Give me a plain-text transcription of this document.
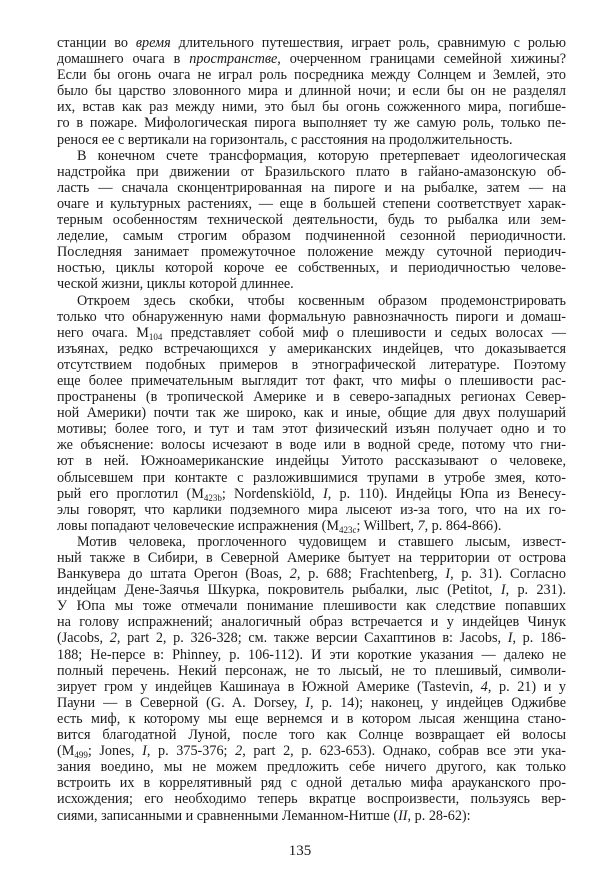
станции во время длительного путешествия, играет роль, сравнимую с ролью
домашнего очага в пространстве, очерченном границами семейной хижины?
Если бы огонь очага не играл роль посредника между Солнцем и Землей, это
было бы царство зловонного мира и длинной ночи; и если бы он не разделял
их, встав как раз между ними, это был бы огонь сожженного мира, погибше-
го в пожаре. Мифологическая пирога выполняет ту же самую роль, только пе-
ренося ее с вертикали на горизонталь, с расстояния на продолжительность.
В конечном счете трансформация, которую претерпевает идеологическая
надстройка при движении от Бразильского плато в гайано-амазонскую об-
ласть — сначала сконцентрированная на пироге и на рыбалке, затем — на
очаге и культурных растениях, — еще в большей степени соответствует харак-
терным особенностям технической деятельности, будь то рыбалка или зем-
леделие, самым строгим образом подчиненной сезонной периодичности.
Последняя занимает промежуточное положение между суточной периодич-
ностью, циклы которой короче ее собственных, и периодичностью челове-
ческой жизни, циклы которой длиннее.
Откроем здесь скобки, чтобы косвенным образом продемонстрировать
только что обнаруженную нами формальную равнозначность пироги и домаш-
него очага. $M_{104}$ представляет собой миф о плешивости и седых волосах —
изъянах, редко встречающихся у американских индейцев, что доказывается
отсутствием подобных примеров в этнографической литературе. Поэтому
еще более примечательным выглядит тот факт, что мифы о плешивости рас-
пространены (в тропической Америке и в северо-западных регионах Север-
ной Америки) почти так же широко, как и иные, общие для двух полушарий
мотивы; более того, и тут и там этот физический изъян получает одно и то
же объяснение: волосы исчезают в воде или в водной среде, потому что гни-
ют в ней. Южноамериканские индейцы Уитото рассказывают о человеке,
облысевшем при контакте с разложившимися трупами в утробе змея, кото-
рый его проглотил ($M_{423b}$; Nordenskiöld, I, p. 110). Индейцы Юпа из Венесу-
элы говорят, что карлики подземного мира лысеют из-за того, что на их го-
ловы попадают человеческие испражнения ($M_{423c}$; Willbert, 7, p. 864-866).
Мотив человека, проглоченного чудовищем и ставшего лысым, извест-
ный также в Сибири, в Северной Америке бытует на территории от острова
Ванкувера до штата Орегон (Boas, 2, p. 688; Frachtenberg, I, p. 31). Согласно
индейцам Дене-Заячья Шкурка, покровитель рыбалки, лыс (Petitot, I, p. 231).
У Юпа мы тоже отмечали понимание плешивости как следствие попавших
на голову испражнений; аналогичный образ встречается и у индейцев Чинук
(Jacobs, 2, part 2, p. 326-328; см. также версии Сахаптинов в: Jacobs, I, p. 186-
188; Не-персе в: Phinney, p. 106-112). И эти короткие указания — далеко не
полный перечень. Некий персонаж, не то лысый, не то плешивый, символи-
зирует гром у индейцев Кашинауа в Южной Америке (Tastevin, 4, p. 21) и у
Пауни — в Северной (G. A. Dorsey, I, p. 14); наконец, у индейцев Оджибве
есть миф, к которому мы еще вернемся и в котором лысая женщина стано-
вится благодатной Луной, после того как Солнце возвращает ей волосы
($M_{499}$; Jones, I, p. 375-376; 2, part 2, p. 623-653). Однако, собрав все эти ука-
зания воедино, мы не можем предложить себе ничего другого, как только
встроить их в коррелятивный ряд с одной деталью мифа арауканского про-
исхождения; его необходимо теперь вкратце воспроизвести, пользуясь вер-
сиями, записанными и сравненными Леманном-Нитше (II, p. 28-62):
135
